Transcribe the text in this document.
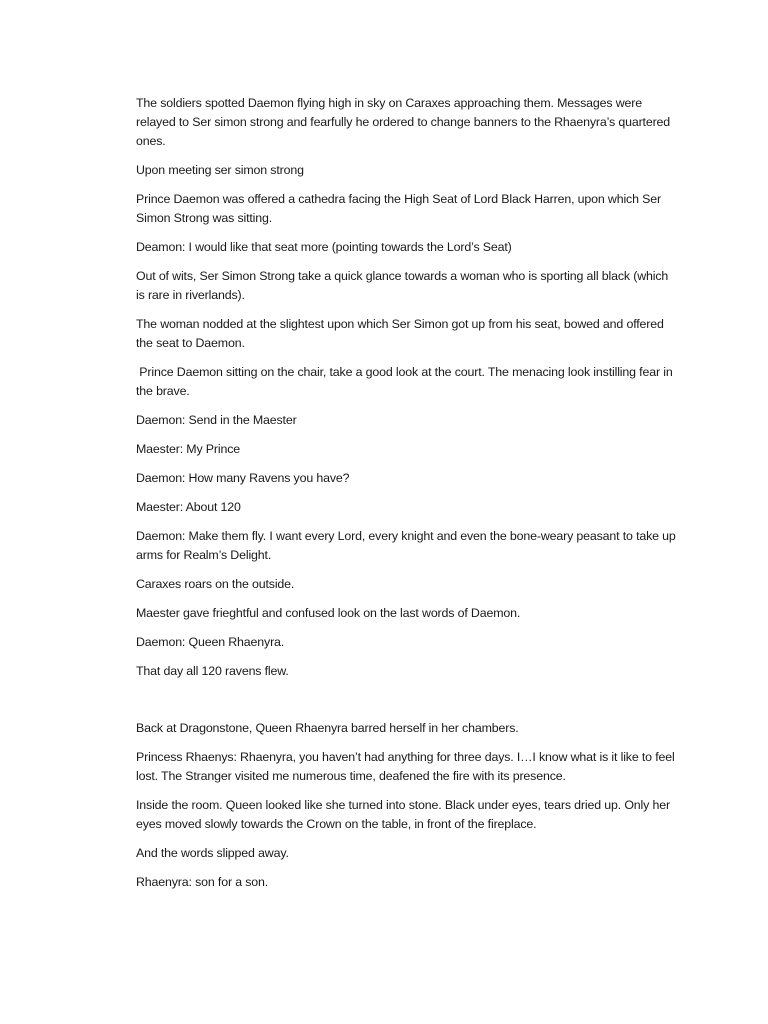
The soldiers spotted Daemon flying high in sky on Caraxes approaching them. Messages were relayed to Ser simon strong and fearfully he ordered to change banners to the Rhaenyra’s quartered ones.

Upon meeting ser simon strong

Prince Daemon was offered a cathedra facing the High Seat of Lord Black Harren, upon which Ser Simon Strong was sitting.

Deamon: I would like that seat more (pointing towards the Lord’s Seat)

Out of wits, Ser Simon Strong take a quick glance towards a woman who is sporting all black (which is rare in riverlands).

The woman nodded at the slightest upon which Ser Simon got up from his seat, bowed and offered the seat to Daemon.

Prince Daemon sitting on the chair, take a good look at the court. The menacing look instilling fear in the brave.

Daemon: Send in the Maester

Maester: My Prince

Daemon: How many Ravens you have?

Maester: About 120

Daemon: Make them fly. I want every Lord, every knight and even the bone-weary peasant to take up arms for Realm’s Delight.

Caraxes roars on the outside.

Maester gave frieghtful and confused look on the last words of Daemon.

Daemon: Queen Rhaenyra.

That day all 120 ravens flew.

Back at Dragonstone, Queen Rhaenyra barred herself in her chambers.

Princess Rhaenys: Rhaenyra, you haven’t had anything for three days. I…I know what is it like to feel lost. The Stranger visited me numerous time, deafened the fire with its presence.

Inside the room. Queen looked like she turned into stone. Black under eyes, tears dried up. Only her eyes moved slowly towards the Crown on the table, in front of the fireplace.

And the words slipped away.

Rhaenyra: son for a son.
